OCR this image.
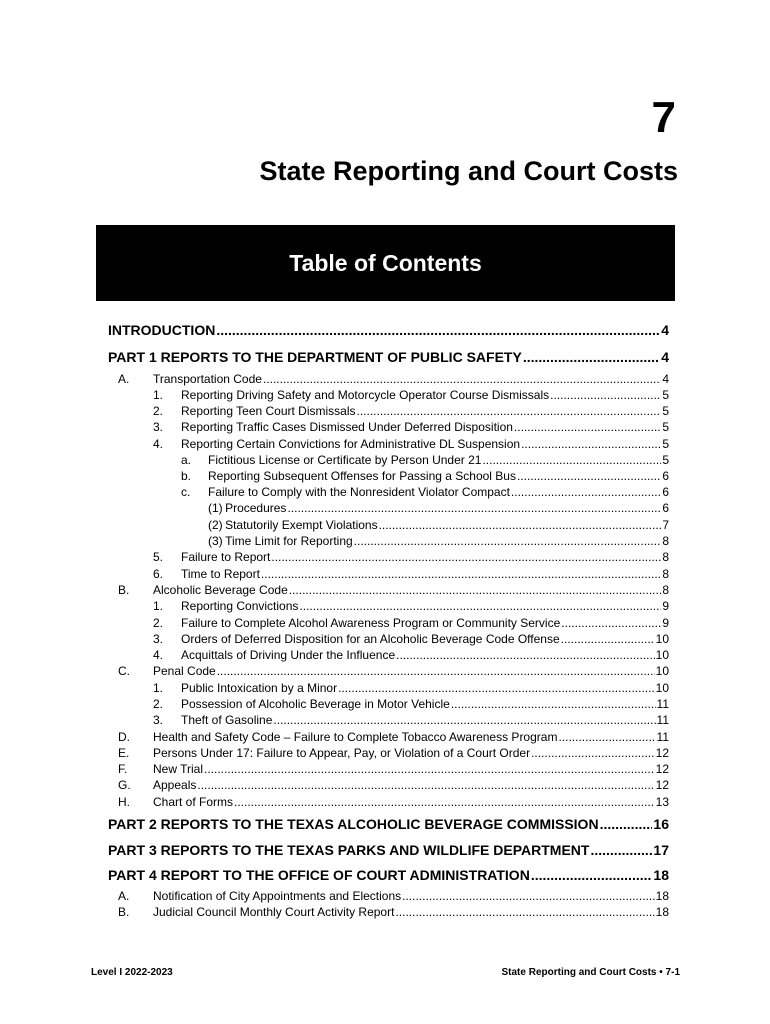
7
State Reporting and Court Costs
Table of Contents
INTRODUCTION .....	4
PART 1 REPORTS TO THE DEPARTMENT OF PUBLIC SAFETY .....	4
A. Transportation Code .....	4
1. Reporting Driving Safety and Motorcycle Operator Course Dismissals .....	5
2. Reporting Teen Court Dismissals .....	5
3. Reporting Traffic Cases Dismissed Under Deferred Disposition .....	5
4. Reporting Certain Convictions for Administrative DL Suspension .....	5
a. Fictitious License or Certificate by Person Under 21 .....	5
b. Reporting Subsequent Offenses for Passing a School Bus .....	6
c. Failure to Comply with the Nonresident Violator Compact .....	6
(1) Procedures .....	6
(2) Statutorily Exempt Violations .....	7
(3) Time Limit for Reporting .....	8
5. Failure to Report .....	8
6. Time to Report .....	8
B. Alcoholic Beverage Code .....	8
1. Reporting Convictions .....	9
2. Failure to Complete Alcohol Awareness Program or Community Service .....	9
3. Orders of Deferred Disposition for an Alcoholic Beverage Code Offense .....	10
4. Acquittals of Driving Under the Influence .....	10
C. Penal Code .....	10
1. Public Intoxication by a Minor .....	10
2. Possession of Alcoholic Beverage in Motor Vehicle .....	11
3. Theft of Gasoline .....	11
D. Health and Safety Code – Failure to Complete Tobacco Awareness Program .....	11
E. Persons Under 17: Failure to Appear, Pay, or Violation of a Court Order .....	12
F. New Trial .....	12
G. Appeals .....	12
H. Chart of Forms .....	13
PART 2 REPORTS TO THE TEXAS ALCOHOLIC BEVERAGE COMMISSION .....	16
PART 3 REPORTS TO THE TEXAS PARKS AND WILDLIFE DEPARTMENT .....	17
PART 4 REPORT TO THE OFFICE OF COURT ADMINISTRATION .....	18
A. Notification of City Appointments and Elections .....	18
B. Judicial Council Monthly Court Activity Report .....	18
Level I 2022-2023	State Reporting and Court Costs • 7-1
